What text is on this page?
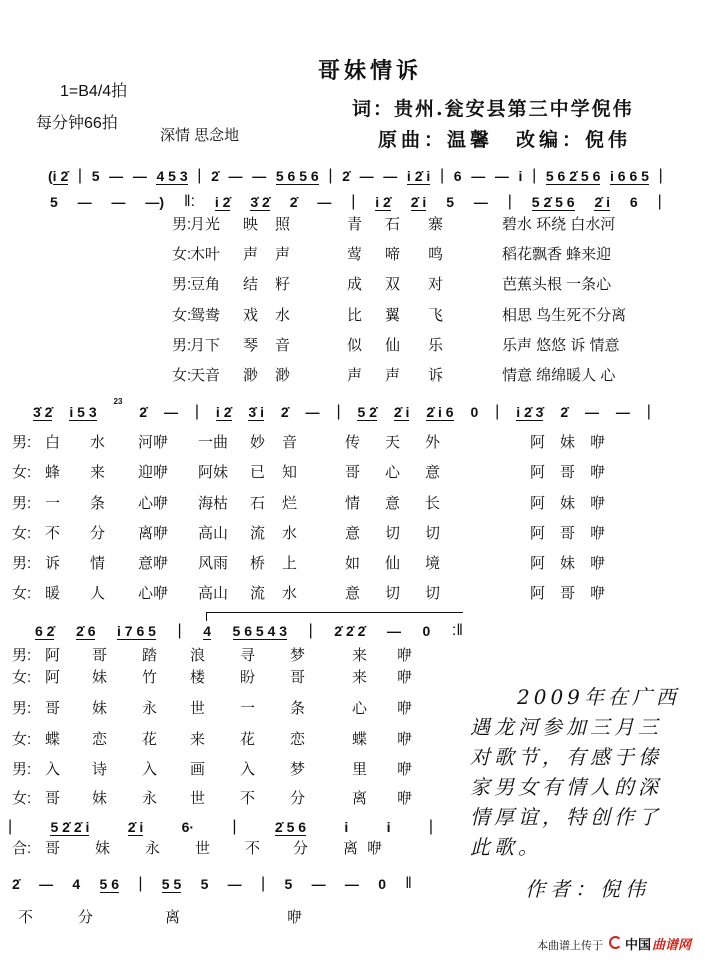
哥妹情诉
1=B4/4拍
每分钟66拍
深情 思念地
词：贵州.瓮安县第三中学倪伟
原曲：温馨　改编：倪伟
(i 2̇ | 5 — — 4 5 3 | 2̇ — — 5 6 5 6 | 2̇ — — i 2̇ i | 6 — — i | 5 6 2̇ 5 6 i 6 6 5 |
5 — — —) ‖: i 2̇ 3̇ 2̇ 2̇ — | i 2̇ 2̇ i 5 — | 5 2̇ 5 6 2̇ i 6 |
3̇ 2̇ i 5 3
23
2̇ — | i 2̇ 3̇ i 2̇ — | 5 2̇ 2̇ i 2̇ i 6 0 | i 2̇ 3̇ 2̇ — — |
6 2̇ 2̇ 6 i 7 6 5 | 4 5 6 5 4 3 | 2̇ 2̇ 2̇ — 0 :‖
|	5 2̇ 2̇ i	2̇ i	6· |	2̇ 5 6	i	i |
2̇ — 4 5 6 | 5 5 5 — | 5 — — 0 ‖
男:
月光 映 照	青 石 寨	碧水 环绕 白水河
女:
木叶 声 声	莺 啼 鸣	稻花飘香 蜂来迎
男:
豆角 结 籽	成 双 对	芭蕉头根 一条心
女:
鸳鸯 戏 水	比 翼 飞	相思 鸟生死不分离
男:
月下 琴 音	似 仙 乐	乐声 悠悠 诉 情意
女:
天音 渺 渺	声 声 诉	情意 绵绵暖人 心
男: 白 水 河咿 一曲 妙 音	传 天 外	阿 妹 咿
女: 蜂 来 迎咿 阿妹 已 知	哥 心 意	阿 哥 咿
男: 一 条 心咿 海枯 石 烂	情 意 长	阿 妹 咿
女: 不 分 离咿 高山 流 水	意 切 切	阿 哥 咿
男: 诉 情 意咿 风雨 桥 上	如 仙 境	阿 妹 咿
女: 暖 人 心咿 高山 流 水	意 切 切	阿 哥 咿
男: 阿 哥 踏 浪 寻 梦	来 咿
女: 阿 妹 竹 楼 盼 哥	来 咿
男: 哥 妹 永 世 一 条	心 咿
女: 蝶 恋 花 来 花 恋	蝶 咿
男: 入 诗 入 画 入 梦	里 咿
女: 哥 妹 永 世 不 分	离 咿
合: 哥 妹 永 世 不 分 离 咿
不	分	离	咿
2009年在广西
遇龙河参加三月三
对歌节，有感于傣
家男女有情人的深
情厚谊，特创作了
此歌。
作者：倪伟
本曲谱上传于 中国 曲谱网
